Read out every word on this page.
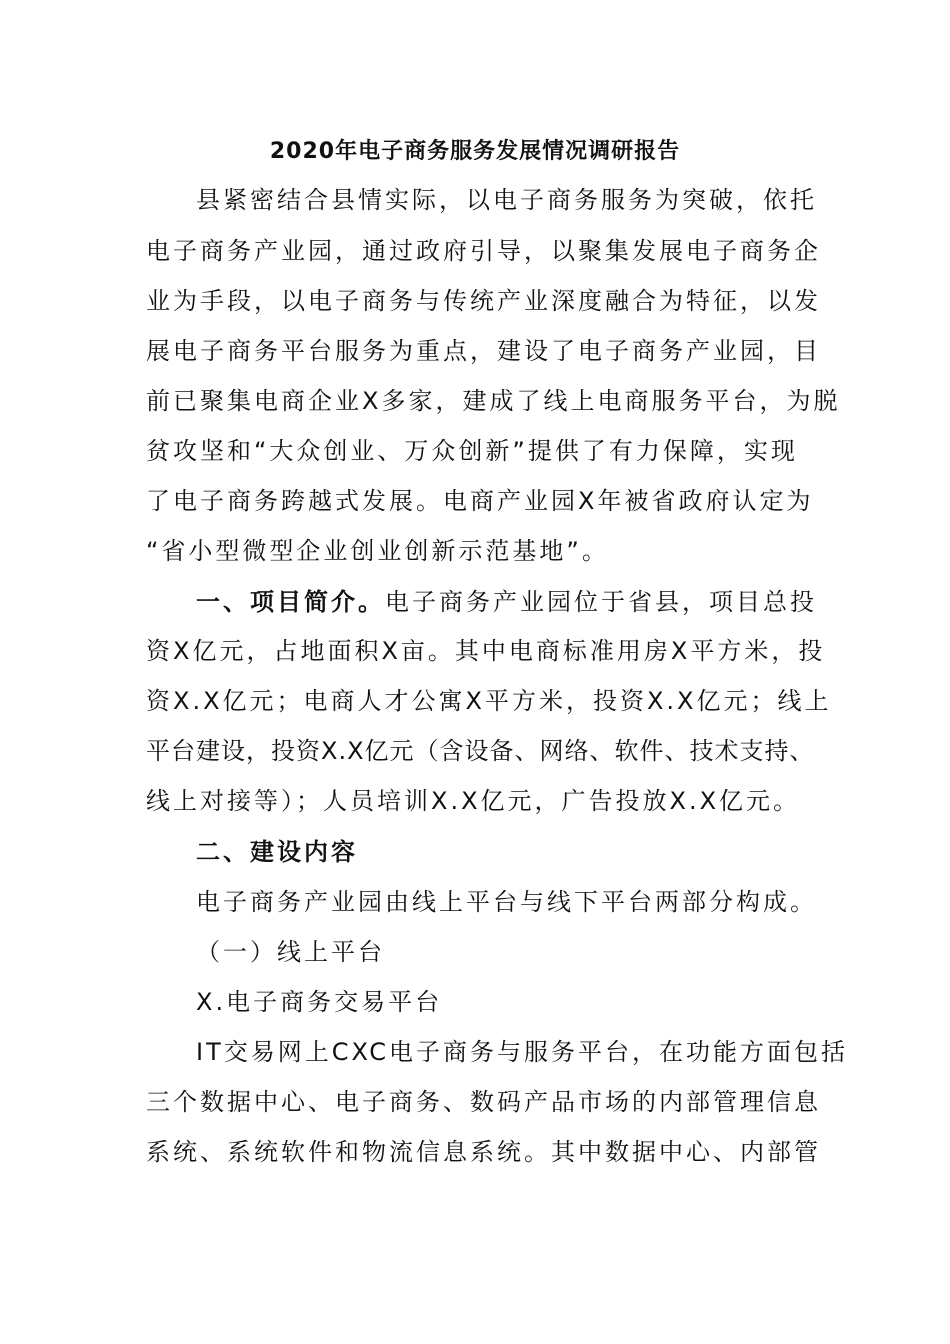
2020年电子商务服务发展情况调研报告
县紧密结合县情实际，以电子商务服务为突破，依托
电子商务产业园，通过政府引导，以聚集发展电子商务企
业为手段，以电子商务与传统产业深度融合为特征，以发
展电子商务平台服务为重点，建设了电子商务产业园，目
前已聚集电商企业X多家，建成了线上电商服务平台，为脱
贫攻坚和“大众创业、万众创新”提供了有力保障，实现
了电子商务跨越式发展。电商产业园X年被省政府认定为
“省小型微型企业创业创新示范基地”。
一、项目简介。电子商务产业园位于省县，项目总投
资X亿元，占地面积X亩。其中电商标准用房X平方米，投
资X.X亿元；电商人才公寓X平方米，投资X.X亿元；线上
平台建设，投资X.X亿元（含设备、网络、软件、技术支持、
线上对接等）；人员培训X.X亿元，广告投放X.X亿元。
二、建设内容
电子商务产业园由线上平台与线下平台两部分构成。
（一）线上平台
X.电子商务交易平台
IT交易网上CXC电子商务与服务平台，在功能方面包括
三个数据中心、电子商务、数码产品市场的内部管理信息
系统、系统软件和物流信息系统。其中数据中心、内部管
